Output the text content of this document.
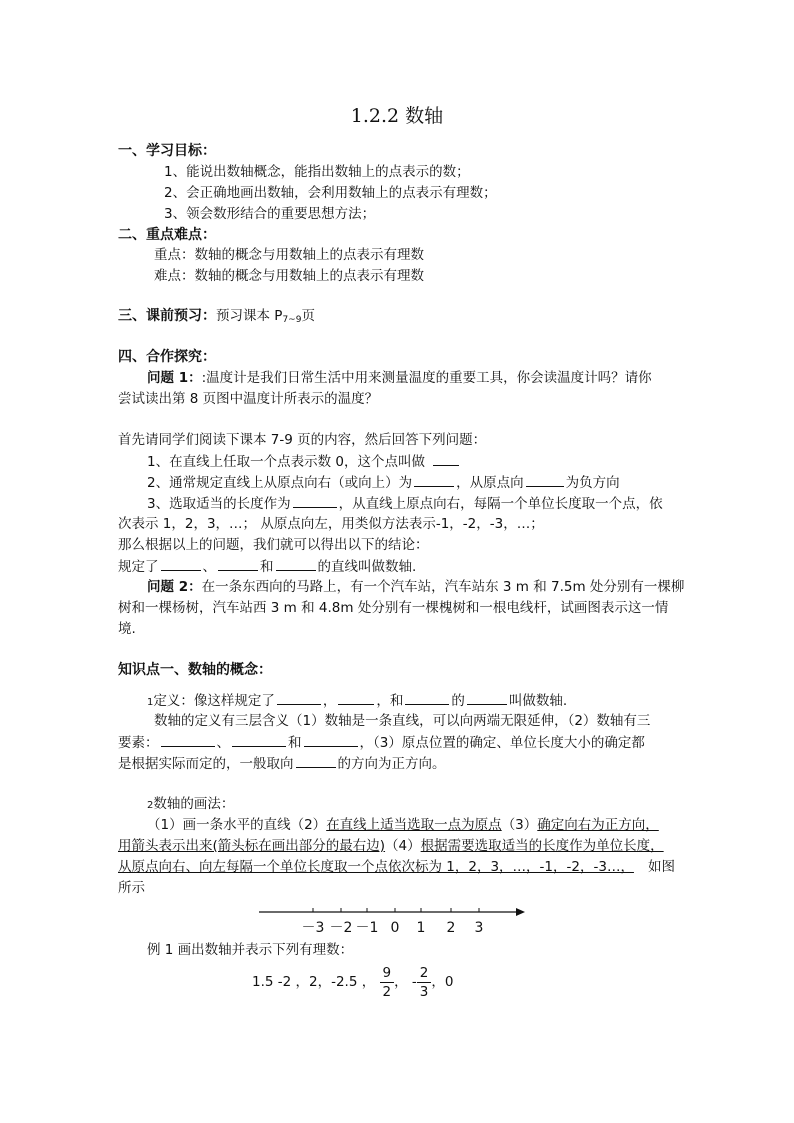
1.2.2 数轴
一、学习目标：
1、能说出数轴概念，能指出数轴上的点表示的数；
2、会正确地画出数轴，会利用数轴上的点表示有理数；
3、领会数形结合的重要思想方法；
二、重点难点：
重点：数轴的概念与用数轴上的点表示有理数
难点：数轴的概念与用数轴上的点表示有理数
三、课前预习：预习课本 $P_{7\sim 9}$页
四、合作探究：
问题 1：:温度计是我们日常生活中用来测量温度的重要工具，你会读温度计吗？请你
尝试读出第 8 页图中温度计所表示的温度？
首先请同学们阅读下课本 7-9 页的内容，然后回答下列问题：
1、在直线上任取一个点表示数 0，这个点叫做
2、通常规定直线上从原点向右（或向上）为	，从原点向	为负方向
3、选取适当的长度作为	，从直线上原点向右，每隔一个单位长度取一个点，依
次表示 1，2，3，…； 从原点向左，用类似方法表示-1，-2，-3，…；
那么根据以上的问题，我们就可以得出以下的结论：
规定了	、	和	的直线叫做数轴.
问题 2：在一条东西向的马路上，有一个汽车站，汽车站东 3 m 和 7.5m 处分别有一棵柳
树和一棵杨树，汽车站西 3 m 和 4.8m 处分别有一棵槐树和一根电线杆，试画图表示这一情
境.
知识点一、数轴的概念：
1定义：像这样规定了	，	，和	的	叫做数轴.
数轴的定义有三层含义（1）数轴是一条直线，可以向两端无限延伸，（2）数轴有三
要素：	、	和	，（3）原点位置的确定、单位长度大小的确定都
是根据实际而定的，一般取向	的方向为正方向。
2数轴的画法：
（1）画一条水平的直线（2）在直线上适当选取一点为原点（3）确定向右为正方向，
用箭头表示出来(箭头标在画出部分的最右边)（4）根据需要选取适当的长度作为单位长度，
从原点向右、向左每隔一个单位长度取一个点依次标为 1，2，3，…，-1，-2，-3…， 如图
所示
－3 －2 －1 0 1 2 3
例 1 画出数轴并表示下列有理数：
1.5 -2 ，2，-2.5 ， $\frac{9}{2}$ ， - $\frac{2}{3}$ ，0
